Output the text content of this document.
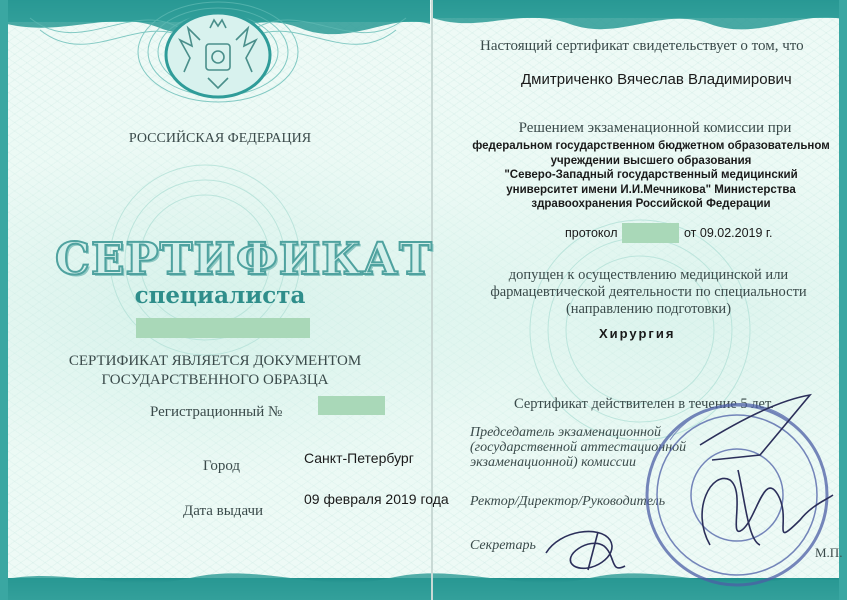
РОССИЙСКАЯ ФЕДЕРАЦИЯ
СЕРТИФИКАТ
специалиста
СЕРТИФИКАТ ЯВЛЯЕТСЯ ДОКУМЕНТОМ
ГОСУДАРСТВЕННОГО ОБРАЗЦА
Регистрационный №
Город	Санкт-Петербург
Дата выдачи
09 февраля 2019 года
Настоящий сертификат свидетельствует о том, что
Дмитриченко Вячеслав Владимирович
Решением экзаменационной комиссии при
федеральном государственном бюджетном образовательном
учреждении высшего образования
"Северо-Западный государственный медицинский
университет имени И.И.Мечникова" Министерства
здравоохранения Российской Федерации
протокол	от 09.02.2019 г.
допущен к осуществлению медицинской или
фармацевтической деятельности по специальности
(направлению подготовки)
Хирургия
Сертификат действителен в течение 5 лет.
Председатель экзаменационной
(государственной аттестационной
экзаменационной) комиссии
Ректор/Директор/Руководитель
Секретарь	М.П.
